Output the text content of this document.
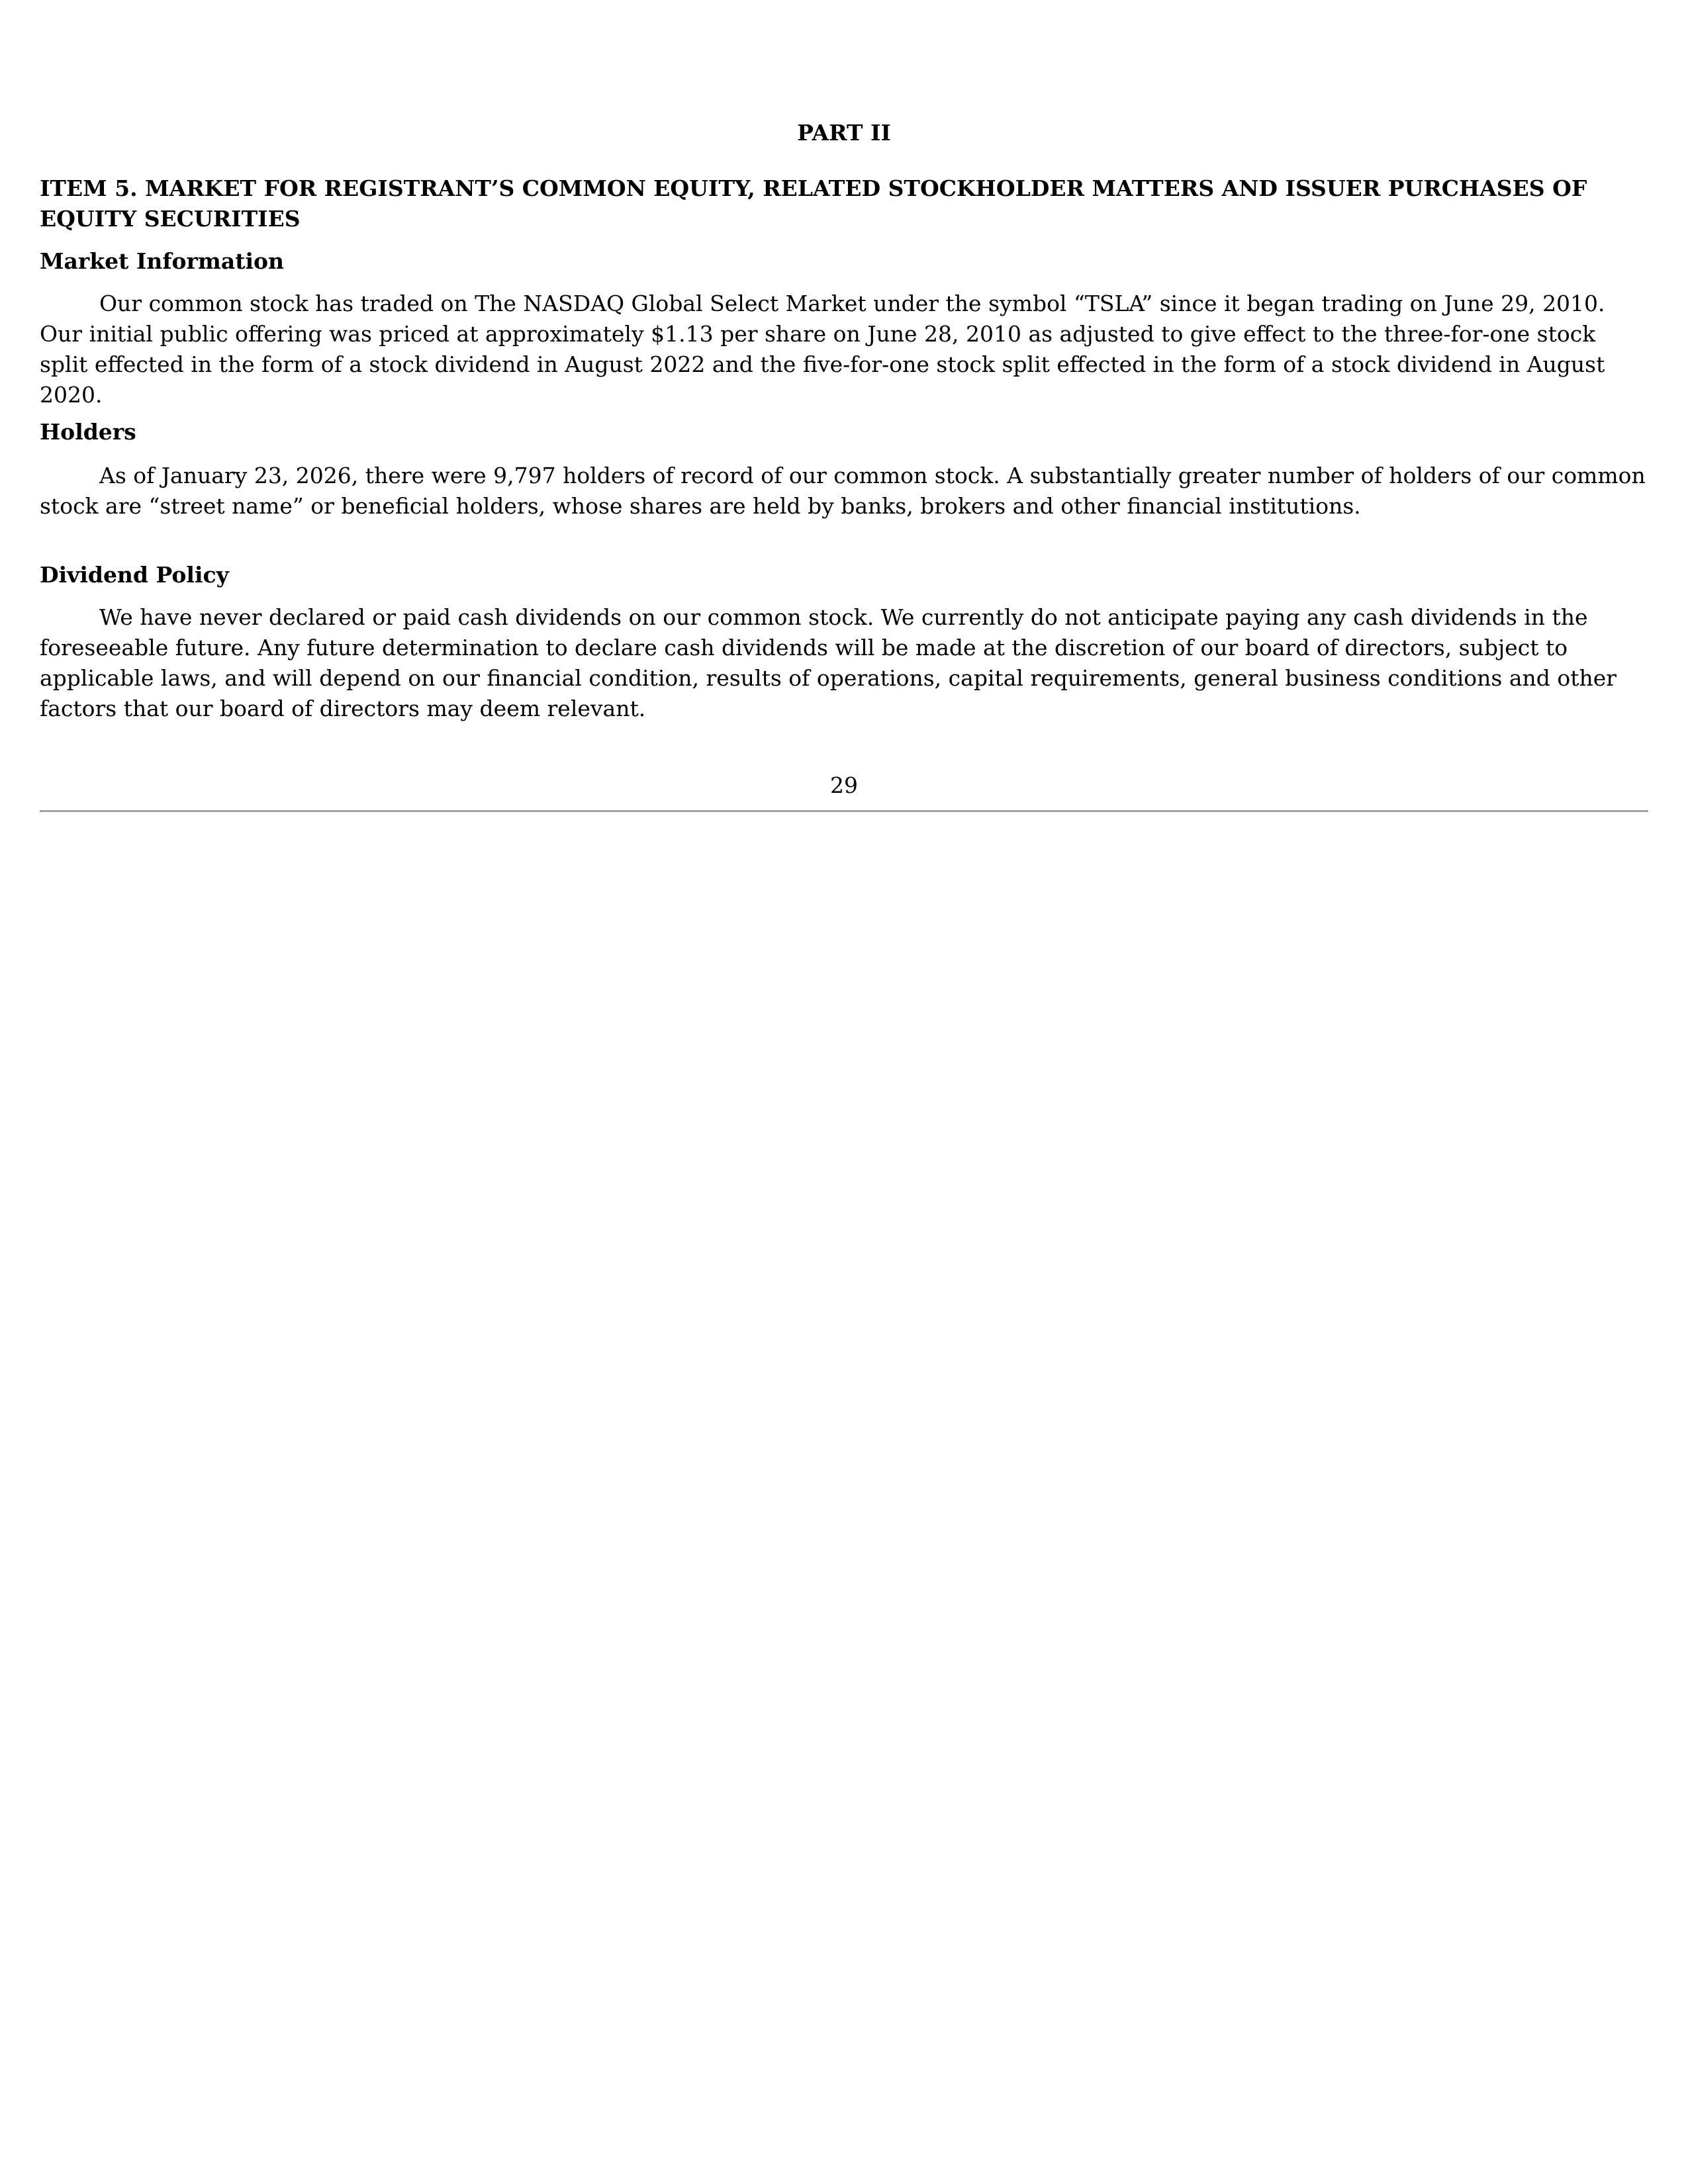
PART II
ITEM 5. MARKET FOR REGISTRANT’S COMMON EQUITY, RELATED STOCKHOLDER MATTERS AND ISSUER PURCHASES OF EQUITY SECURITIES
Market Information
Our common stock has traded on The NASDAQ Global Select Market under the symbol “TSLA” since it began trading on June 29, 2010. Our initial public offering was priced at approximately $1.13 per share on June 28, 2010 as adjusted to give effect to the three-for-one stock split effected in the form of a stock dividend in August 2022 and the five-for-one stock split effected in the form of a stock dividend in August 2020.
Holders
As of January 23, 2026, there were 9,797 holders of record of our common stock. A substantially greater number of holders of our common stock are “street name” or beneficial holders, whose shares are held by banks, brokers and other financial institutions.
Dividend Policy
We have never declared or paid cash dividends on our common stock. We currently do not anticipate paying any cash dividends in the foreseeable future. Any future determination to declare cash dividends will be made at the discretion of our board of directors, subject to applicable laws, and will depend on our financial condition, results of operations, capital requirements, general business conditions and other factors that our board of directors may deem relevant.
29
